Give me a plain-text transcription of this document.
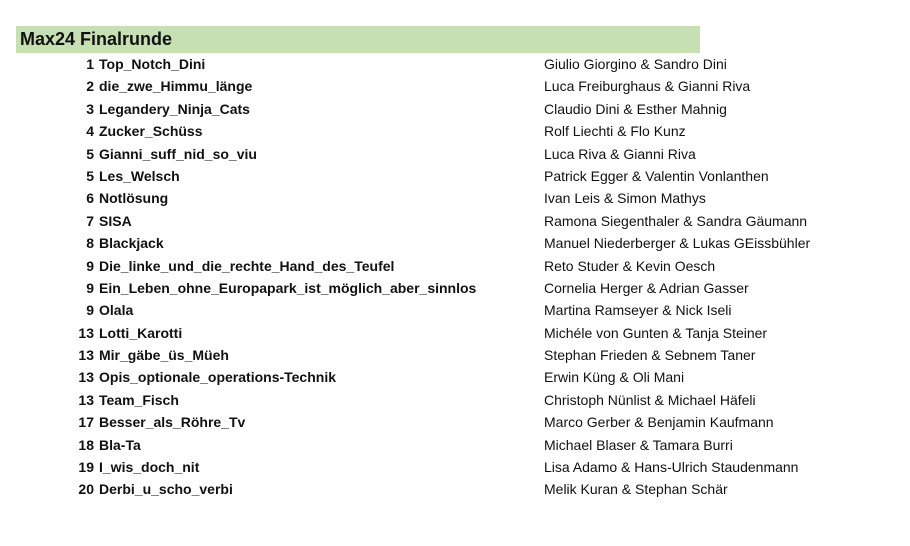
Max24 Finalrunde
1 Top_Notch_Dini	Giulio Giorgino & Sandro Dini
2 die_zwe_Himmu_länge	Luca Freiburghaus & Gianni Riva
3 Legandery_Ninja_Cats	Claudio Dini & Esther Mahnig
4 Zucker_Schüss	Rolf Liechti & Flo Kunz
5 Gianni_suff_nid_so_viu	Luca Riva & Gianni Riva
5 Les_Welsch	Patrick Egger & Valentin Vonlanthen
6 Notlösung	Ivan Leis & Simon Mathys
7 SISA	Ramona Siegenthaler & Sandra Gäumann
8 Blackjack	Manuel Niederberger & Lukas GEissbühler
9 Die_linke_und_die_rechte_Hand_des_Teufel	Reto Studer & Kevin Oesch
9 Ein_Leben_ohne_Europapark_ist_möglich_aber_sinnlos	Cornelia Herger & Adrian Gasser
9 Olala	Martina Ramseyer & Nick Iseli
13 Lotti_Karotti	Michéle von Gunten & Tanja Steiner
13 Mir_gäbe_üs_Müeh	Stephan Frieden & Sebnem Taner
13 Opis_optionale_operations-Technik	Erwin Küng & Oli Mani
13 Team_Fisch	Christoph Nünlist & Michael Häfeli
17 Besser_als_Röhre_Tv	Marco Gerber & Benjamin Kaufmann
18 Bla-Ta	Michael Blaser & Tamara Burri
19 I_wis_doch_nit	Lisa Adamo & Hans-Ulrich Staudenmann
20 Derbi_u_scho_verbi	Melik Kuran & Stephan Schär
